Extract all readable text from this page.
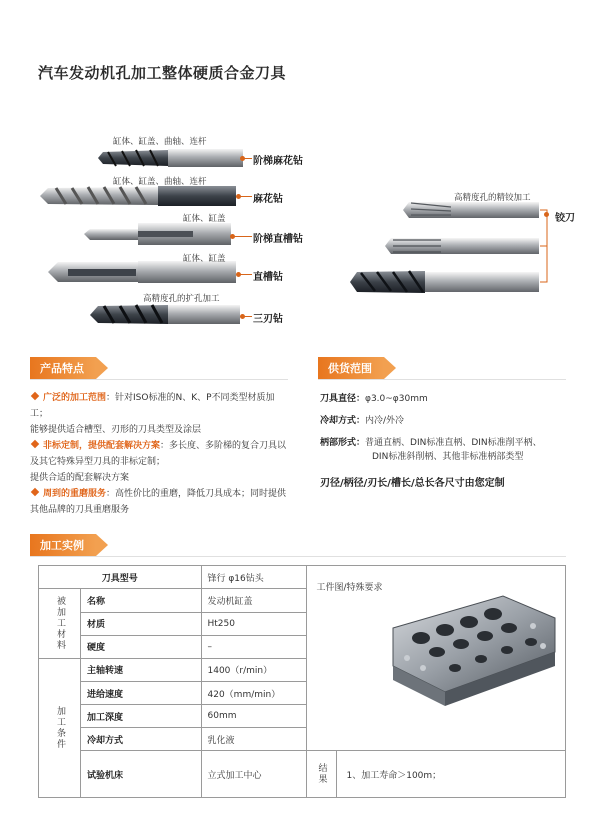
汽车发动机孔加工整体硬质合金刀具
缸体、缸盖、曲轴、连杆
阶梯麻花钻
缸体、缸盖、曲轴、连杆
麻花钻
缸体、缸盖
阶梯直槽钻
缸体、缸盖
直槽钻
高精度孔的扩孔加工
三刃钻
高精度孔的精铰加工
铰刀
产品特点
广泛的加工范围：针对ISO标准的N、K、P不同类型材质加工；
能够提供适合槽型、刃形的刀具类型及涂层
非标定制，提供配套解决方案：多长度、多阶梯的复合刀具以及其它特殊异型刀具的非标定制；
提供合适的配套解决方案
周到的重磨服务：高性价比的重磨，降低刀具成本；同时提供其他品牌的刀具重磨服务
供货范围
刀具直径：φ3.0~φ30mm
冷却方式：内冷/外冷
柄部形式：普通直柄、DIN标准直柄、DIN标准削平柄、
DIN标准斜削柄、其他非标准柄部类型
刃径/柄径/刃长/槽长/总长各尺寸由您定制
加工实例
刀具型号		锋行 φ16钻头	工件图/特殊要求

被加工材料	名称	发动机缸盖	
	材质	Ht250	
	硬度	–	
加工条件	主轴转速	1400（r/min）	
	进给速度	420（mm/min）	
	加工深度	60mm	
	冷却方式	乳化液	
	试验机床	立式加工中心	结果 1、加工寿命＞100m；
